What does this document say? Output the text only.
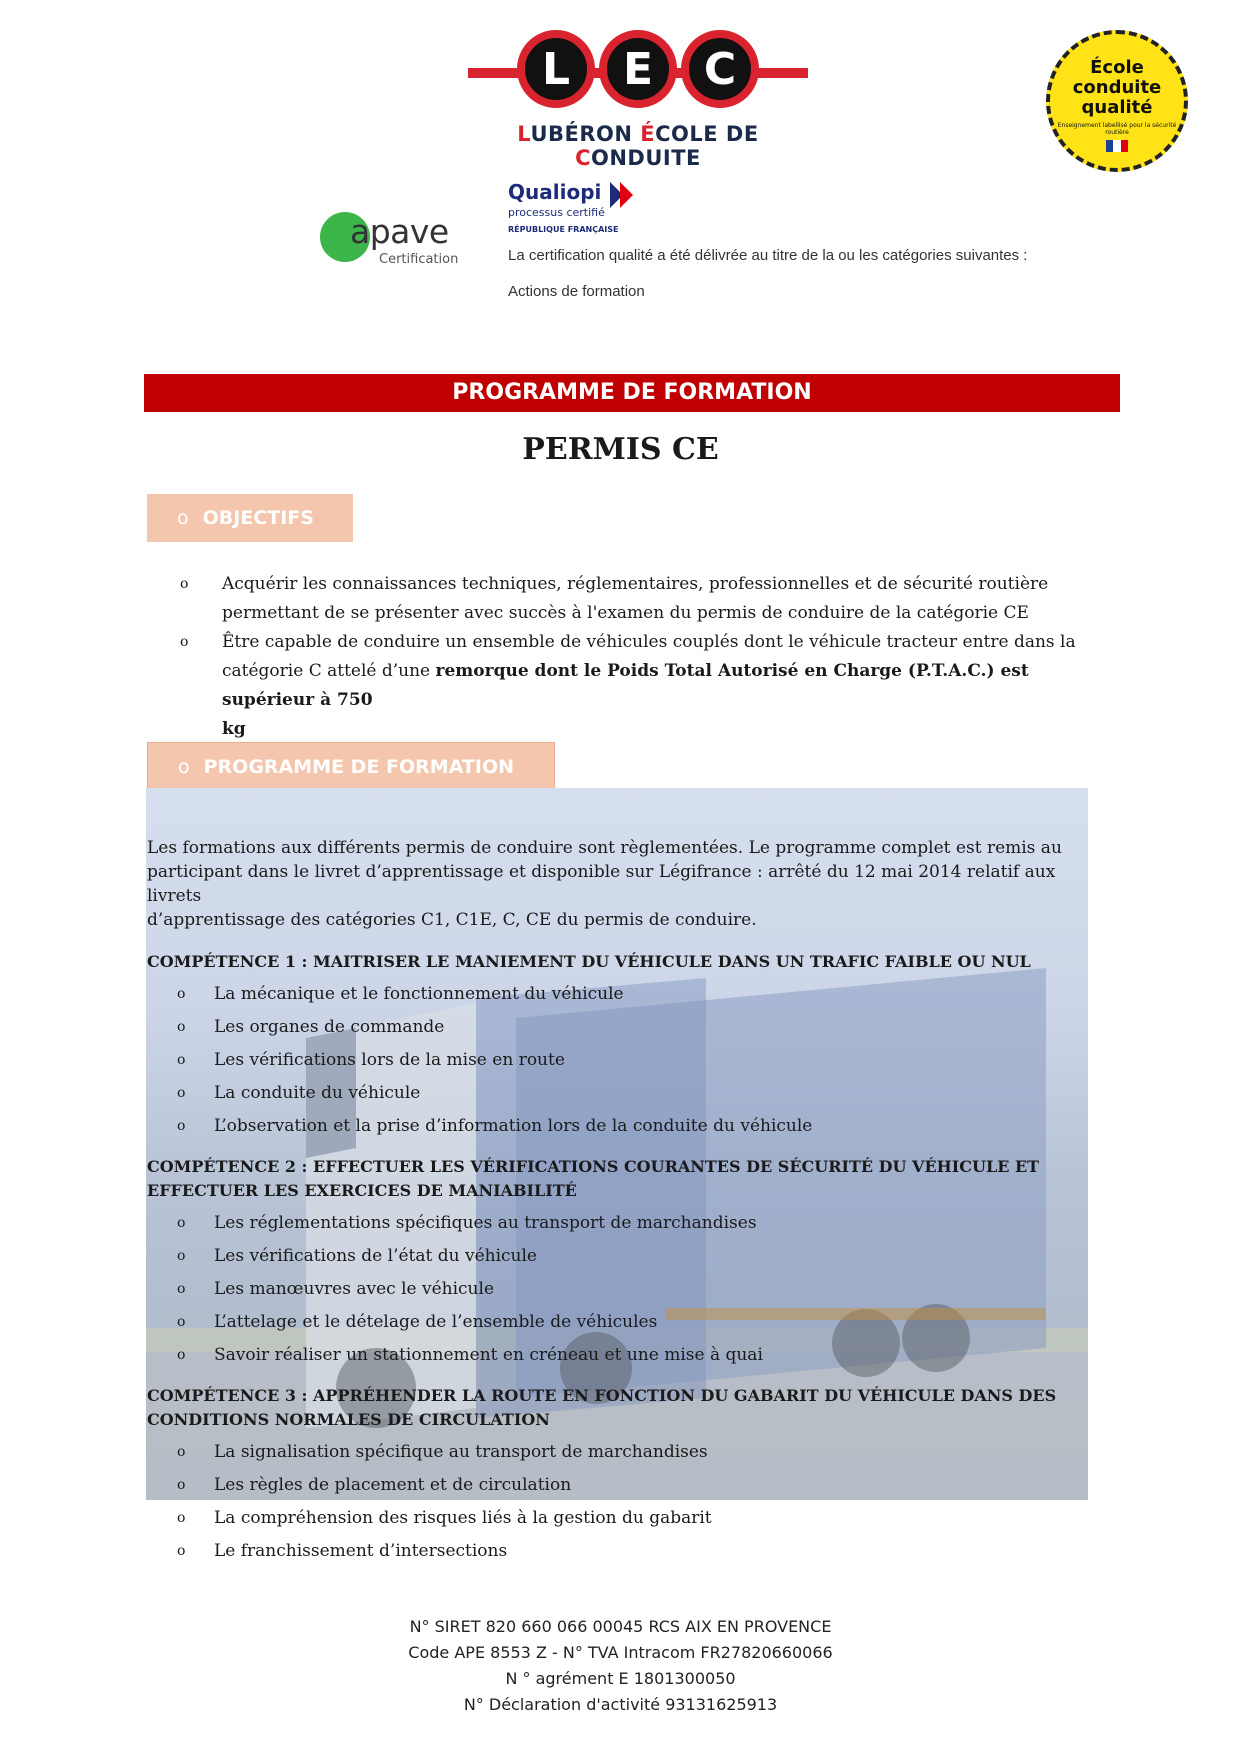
L	E	C
LUBÉRON ÉCOLE DE CONDUITE
École conduite qualité
Enseignement labellisé pour la sécurité routière
Qualiopi
processus certifié
RÉPUBLIQUE FRANÇAISE
apave
Certification	La certification qualité a été délivrée au titre de la ou les catégories suivantes :
Actions de formation
PROGRAMME DE FORMATION
PERMIS CE
o OBJECTIFS
o Acquérir les connaissances techniques, réglementaires, professionnelles et de sécurité routière
permettant de se présenter avec succès à l'examen du permis de conduire de la catégorie CE
o Être capable de conduire un ensemble de véhicules couplés dont le véhicule tracteur entre dans la
catégorie C attelé d’une remorque dont le Poids Total Autorisé en Charge (P.T.A.C.) est supérieur à 750
kg
o PROGRAMME DE FORMATION
Les formations aux différents permis de conduire sont règlementées. Le programme complet est remis au
participant dans le livret d’apprentissage et disponible sur Légifrance : arrêté du 12 mai 2014 relatif aux livrets
d’apprentissage des catégories C1, C1E, C, CE du permis de conduire.
COMPÉTENCE 1 : MAITRISER LE MANIEMENT DU VÉHICULE DANS UN TRAFIC FAIBLE OU NUL
o La mécanique et le fonctionnement du véhicule
o Les organes de commande
o Les vérifications lors de la mise en route
o La conduite du véhicule
o L’observation et la prise d’information lors de la conduite du véhicule
COMPÉTENCE 2 : EFFECTUER LES VÉRIFICATIONS COURANTES DE SÉCURITÉ DU VÉHICULE ET
EFFECTUER LES EXERCICES DE MANIABILITÉ
o Les réglementations spécifiques au transport de marchandises
o Les vérifications de l’état du véhicule
o Les manœuvres avec le véhicule
o L’attelage et le dételage de l’ensemble de véhicules
o Savoir réaliser un stationnement en créneau et une mise à quai
COMPÉTENCE 3 : APPRÉHENDER LA ROUTE EN FONCTION DU GABARIT DU VÉHICULE DANS DES
CONDITIONS NORMALES DE CIRCULATION
o La signalisation spécifique au transport de marchandises
o Les règles de placement et de circulation
o La compréhension des risques liés à la gestion du gabarit
o Le franchissement d’intersections
N° SIRET 820 660 066 00045 RCS AIX EN PROVENCE
Code APE 8553 Z - N° TVA Intracom FR27820660066
N ° agrément E 1801300050
N° Déclaration d'activité 93131625913
